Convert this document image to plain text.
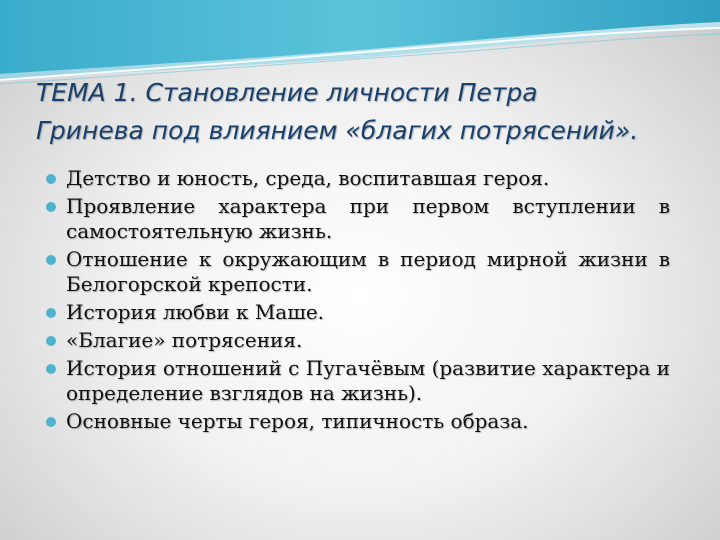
ТЕМА 1. Становление личности Петра
Гринева под влиянием «благих потрясений».
Детство и юность, среда, воспитавшая героя.
Проявление характера при первом вступлении в самостоятельную жизнь.
Отношение к окружающим в период мирной жизни в Белогорской крепости.
История любви к Маше.
«Благие» потрясения.
История отношений с Пугачёвым (развитие характера и определение взглядов на жизнь).
Основные черты героя, типичность образа.
